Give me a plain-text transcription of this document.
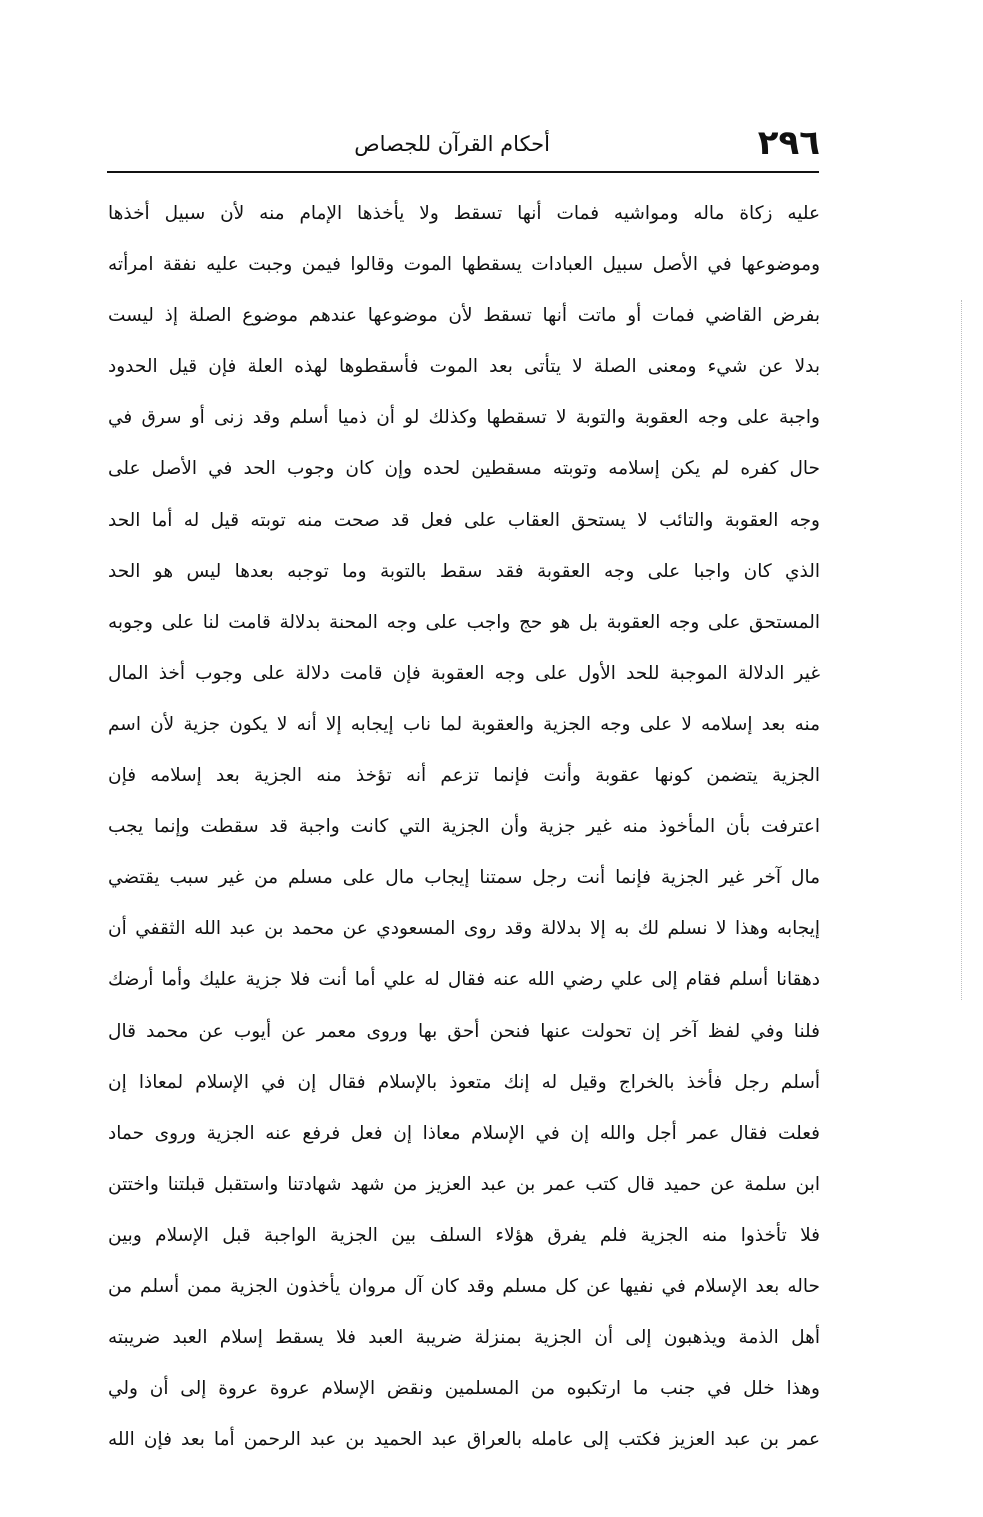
٢٩٦
أحكام القرآن للجصاص
عليه زكاة ماله ومواشيه فمات أنها تسقط ولا يأخذها الإمام منه لأن سبيل أخذها
وموضوعها في الأصل سبيل العبادات يسقطها الموت وقالوا فيمن وجبت عليه نفقة امرأته
بفرض القاضي فمات أو ماتت أنها تسقط لأن موضوعها عندهم موضوع الصلة إذ ليست
بدلا عن شيء ومعنى الصلة لا يتأتى بعد الموت فأسقطوها لهذه العلة فإن قيل الحدود
واجبة على وجه العقوبة والتوبة لا تسقطها وكذلك لو أن ذميا أسلم وقد زنى أو سرق في
حال كفره لم يكن إسلامه وتوبته مسقطين لحده وإن كان وجوب الحد في الأصل على
وجه العقوبة والتائب لا يستحق العقاب على فعل قد صحت منه توبته قيل له أما الحد
الذي كان واجبا على وجه العقوبة فقد سقط بالتوبة وما توجبه بعدها ليس هو الحد
المستحق على وجه العقوبة بل هو حج واجب على وجه المحنة بدلالة قامت لنا على وجوبه
غير الدلالة الموجبة للحد الأول على وجه العقوبة فإن قامت دلالة على وجوب أخذ المال
منه بعد إسلامه لا على وجه الجزية والعقوبة لما ناب إيجابه إلا أنه لا يكون جزية لأن اسم
الجزية يتضمن كونها عقوبة وأنت فإنما تزعم أنه تؤخذ منه الجزية بعد إسلامه فإن
اعترفت بأن المأخوذ منه غير جزية وأن الجزية التي كانت واجبة قد سقطت وإنما يجب
مال آخر غير الجزية فإنما أنت رجل سمتنا إيجاب مال على مسلم من غير سبب يقتضي
إيجابه وهذا لا نسلم لك به إلا بدلالة وقد روى المسعودي عن محمد بن عبد الله الثقفي أن
دهقانا أسلم فقام إلى علي رضي الله عنه فقال له علي أما أنت فلا جزية عليك وأما أرضك
فلنا وفي لفظ آخر إن تحولت عنها فنحن أحق بها وروى معمر عن أيوب عن محمد قال
أسلم رجل فأخذ بالخراج وقيل له إنك متعوذ بالإسلام فقال إن في الإسلام لمعاذا إن
فعلت فقال عمر أجل والله إن في الإسلام معاذا إن فعل فرفع عنه الجزية وروى حماد
ابن سلمة عن حميد قال كتب عمر بن عبد العزيز من شهد شهادتنا واستقبل قبلتنا واختتن
فلا تأخذوا منه الجزية فلم يفرق هؤلاء السلف بين الجزية الواجبة قبل الإسلام وبين
حاله بعد الإسلام في نفيها عن كل مسلم وقد كان آل مروان يأخذون الجزية ممن أسلم من
أهل الذمة ويذهبون إلى أن الجزية بمنزلة ضريبة العبد فلا يسقط إسلام العبد ضريبته
وهذا خلل في جنب ما ارتكبوه من المسلمين ونقض الإسلام عروة عروة إلى أن ولي
عمر بن عبد العزيز فكتب إلى عامله بالعراق عبد الحميد بن عبد الرحمن أما بعد فإن الله
